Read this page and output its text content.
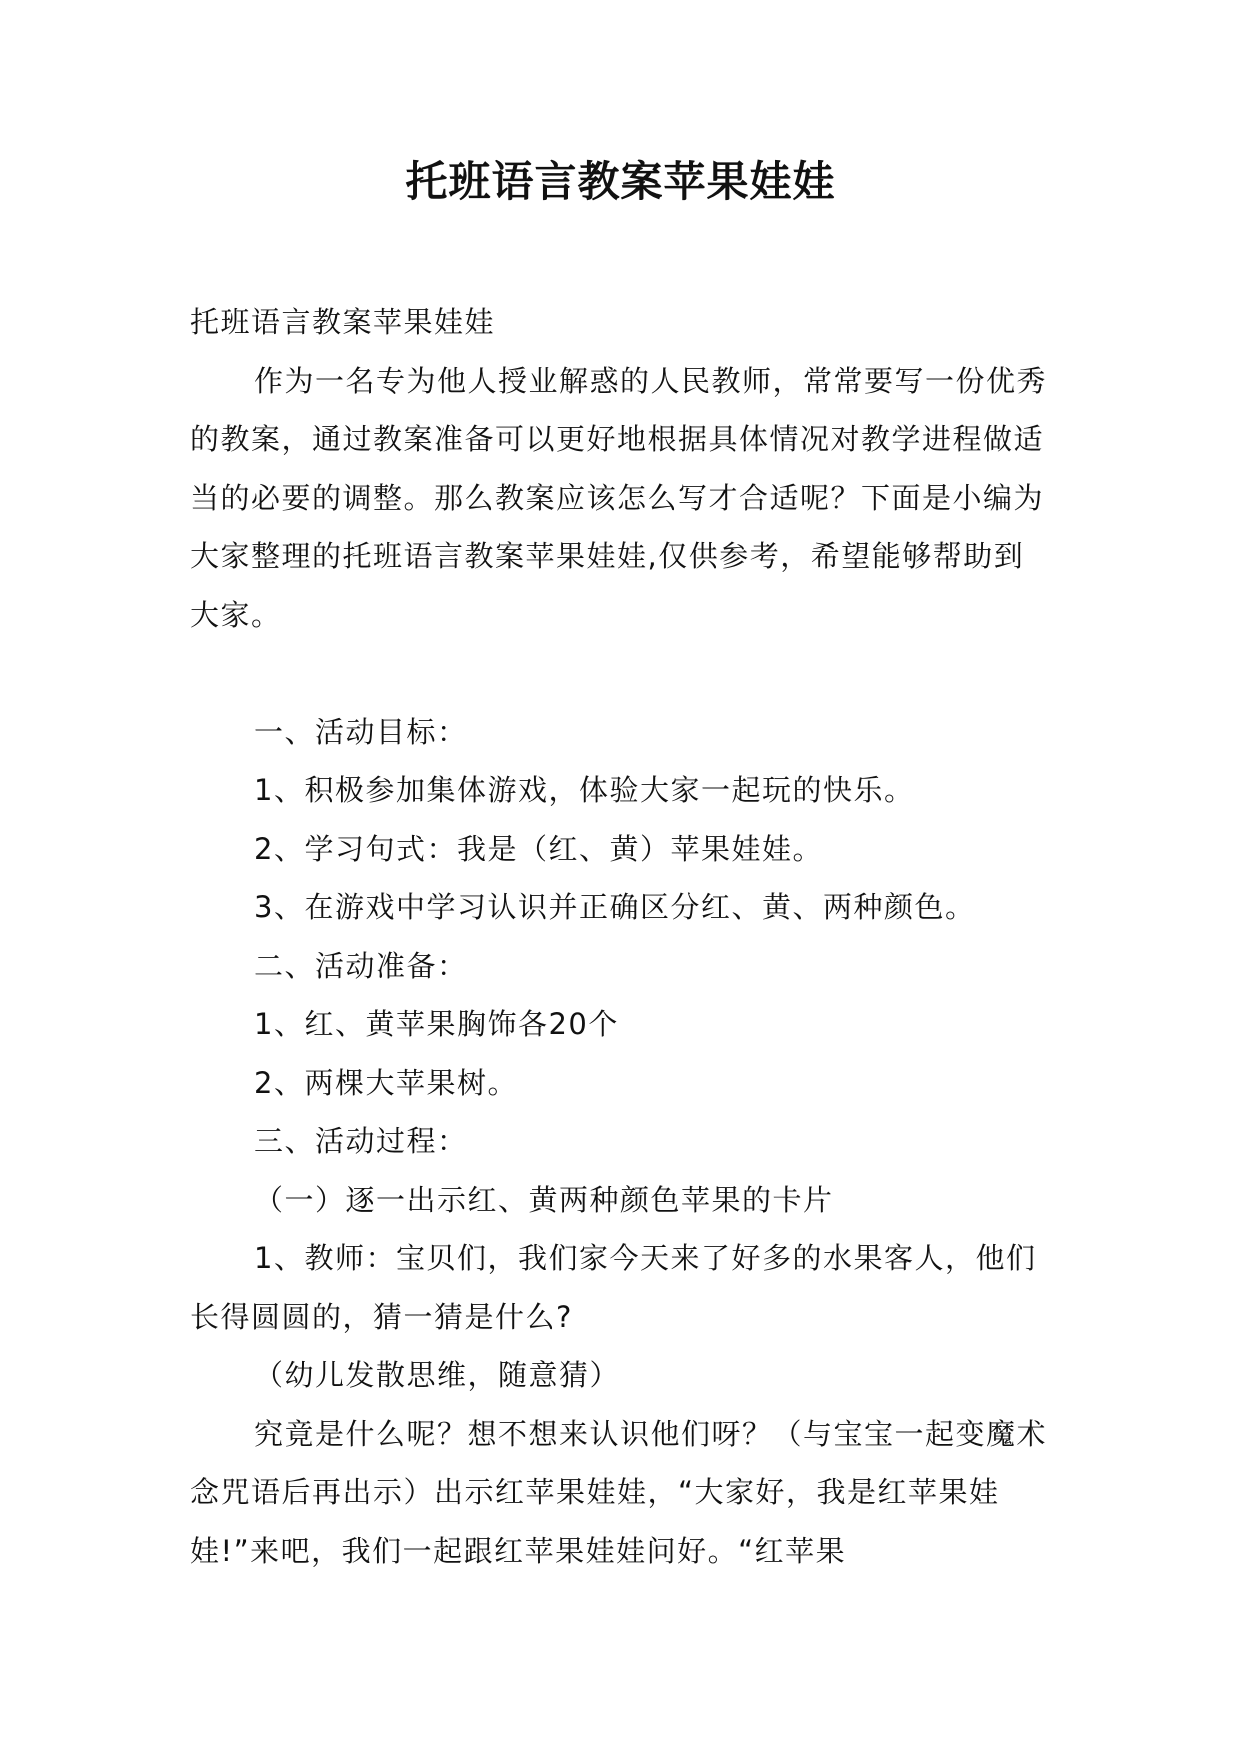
托班语言教案苹果娃娃

托班语言教案苹果娃娃

作为一名专为他人授业解惑的人民教师，常常要写一份优秀的教案，通过教案准备可以更好地根据具体情况对教学进程做适当的必要的调整。那么教案应该怎么写才合适呢？下面是小编为大家整理的托班语言教案苹果娃娃,仅供参考，希望能够帮助到大家。

一、活动目标：

1、积极参加集体游戏，体验大家一起玩的快乐。

2、学习句式：我是（红、黄）苹果娃娃。

3、在游戏中学习认识并正确区分红、黄、两种颜色。

二、活动准备：

1、红、黄苹果胸饰各20个

2、两棵大苹果树。

三、活动过程：

（一）逐一出示红、黄两种颜色苹果的卡片

1、教师：宝贝们，我们家今天来了好多的水果客人，他们长得圆圆的，猜一猜是什么?

（幼儿发散思维，随意猜）

究竟是什么呢？想不想来认识他们呀？（与宝宝一起变魔术念咒语后再出示）出示红苹果娃娃，“大家好，我是红苹果娃娃!”来吧，我们一起跟红苹果娃娃问好。“红苹果
